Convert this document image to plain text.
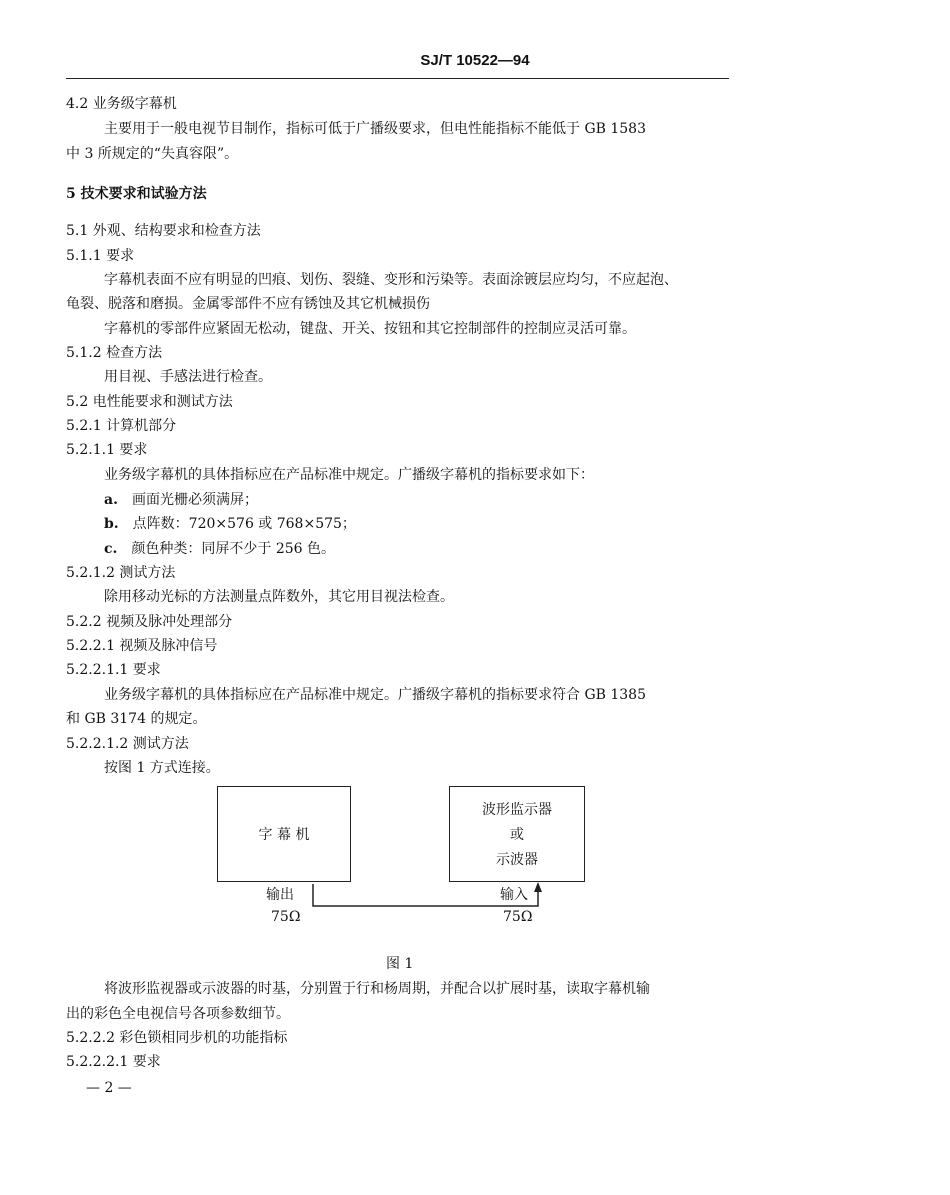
SJ/T 10522—94
4.2 业务级字幕机
主要用于一般电视节目制作，指标可低于广播级要求，但电性能指标不能低于 GB 1583
中 3 所规定的“失真容限”。
5 技术要求和试验方法
5.1 外观、结构要求和检查方法
5.1.1 要求
字幕机表面不应有明显的凹痕、划伤、裂缝、变形和污染等。表面涂镀层应均匀，不应起泡、
龟裂、脱落和磨损。金属零部件不应有锈蚀及其它机械损伤
字幕机的零部件应紧固无松动，键盘、开关、按钮和其它控制部件的控制应灵活可靠。
5.1.2 检查方法
用目视、手感法进行检查。
5.2 电性能要求和测试方法
5.2.1 计算机部分
5.2.1.1 要求
业务级字幕机的具体指标应在产品标准中规定。广播级字幕机的指标要求如下：
a. 画面光栅必须满屏；
b. 点阵数：720×576 或 768×575；
c. 颜色种类：同屏不少于 256 色。
5.2.1.2 测试方法
除用移动光标的方法测量点阵数外，其它用目视法检查。
5.2.2 视频及脉冲处理部分
5.2.2.1 视频及脉冲信号
5.2.2.1.1 要求
业务级字幕机的具体指标应在产品标准中规定。广播级字幕机的指标要求符合 GB 1385
和 GB 3174 的规定。
5.2.2.1.2 测试方法
按图 1 方式连接。
字 幕 机
波形监示器
或
示波器
输出	输入
75Ω	75Ω
图 1
将波形监视器或示波器的时基，分别置于行和杨周期，并配合以扩展时基，读取字幕机输
出的彩色全电视信号各项参数细节。
5.2.2.2 彩色锁相同步机的功能指标
5.2.2.2.1 要求
— 2 —
